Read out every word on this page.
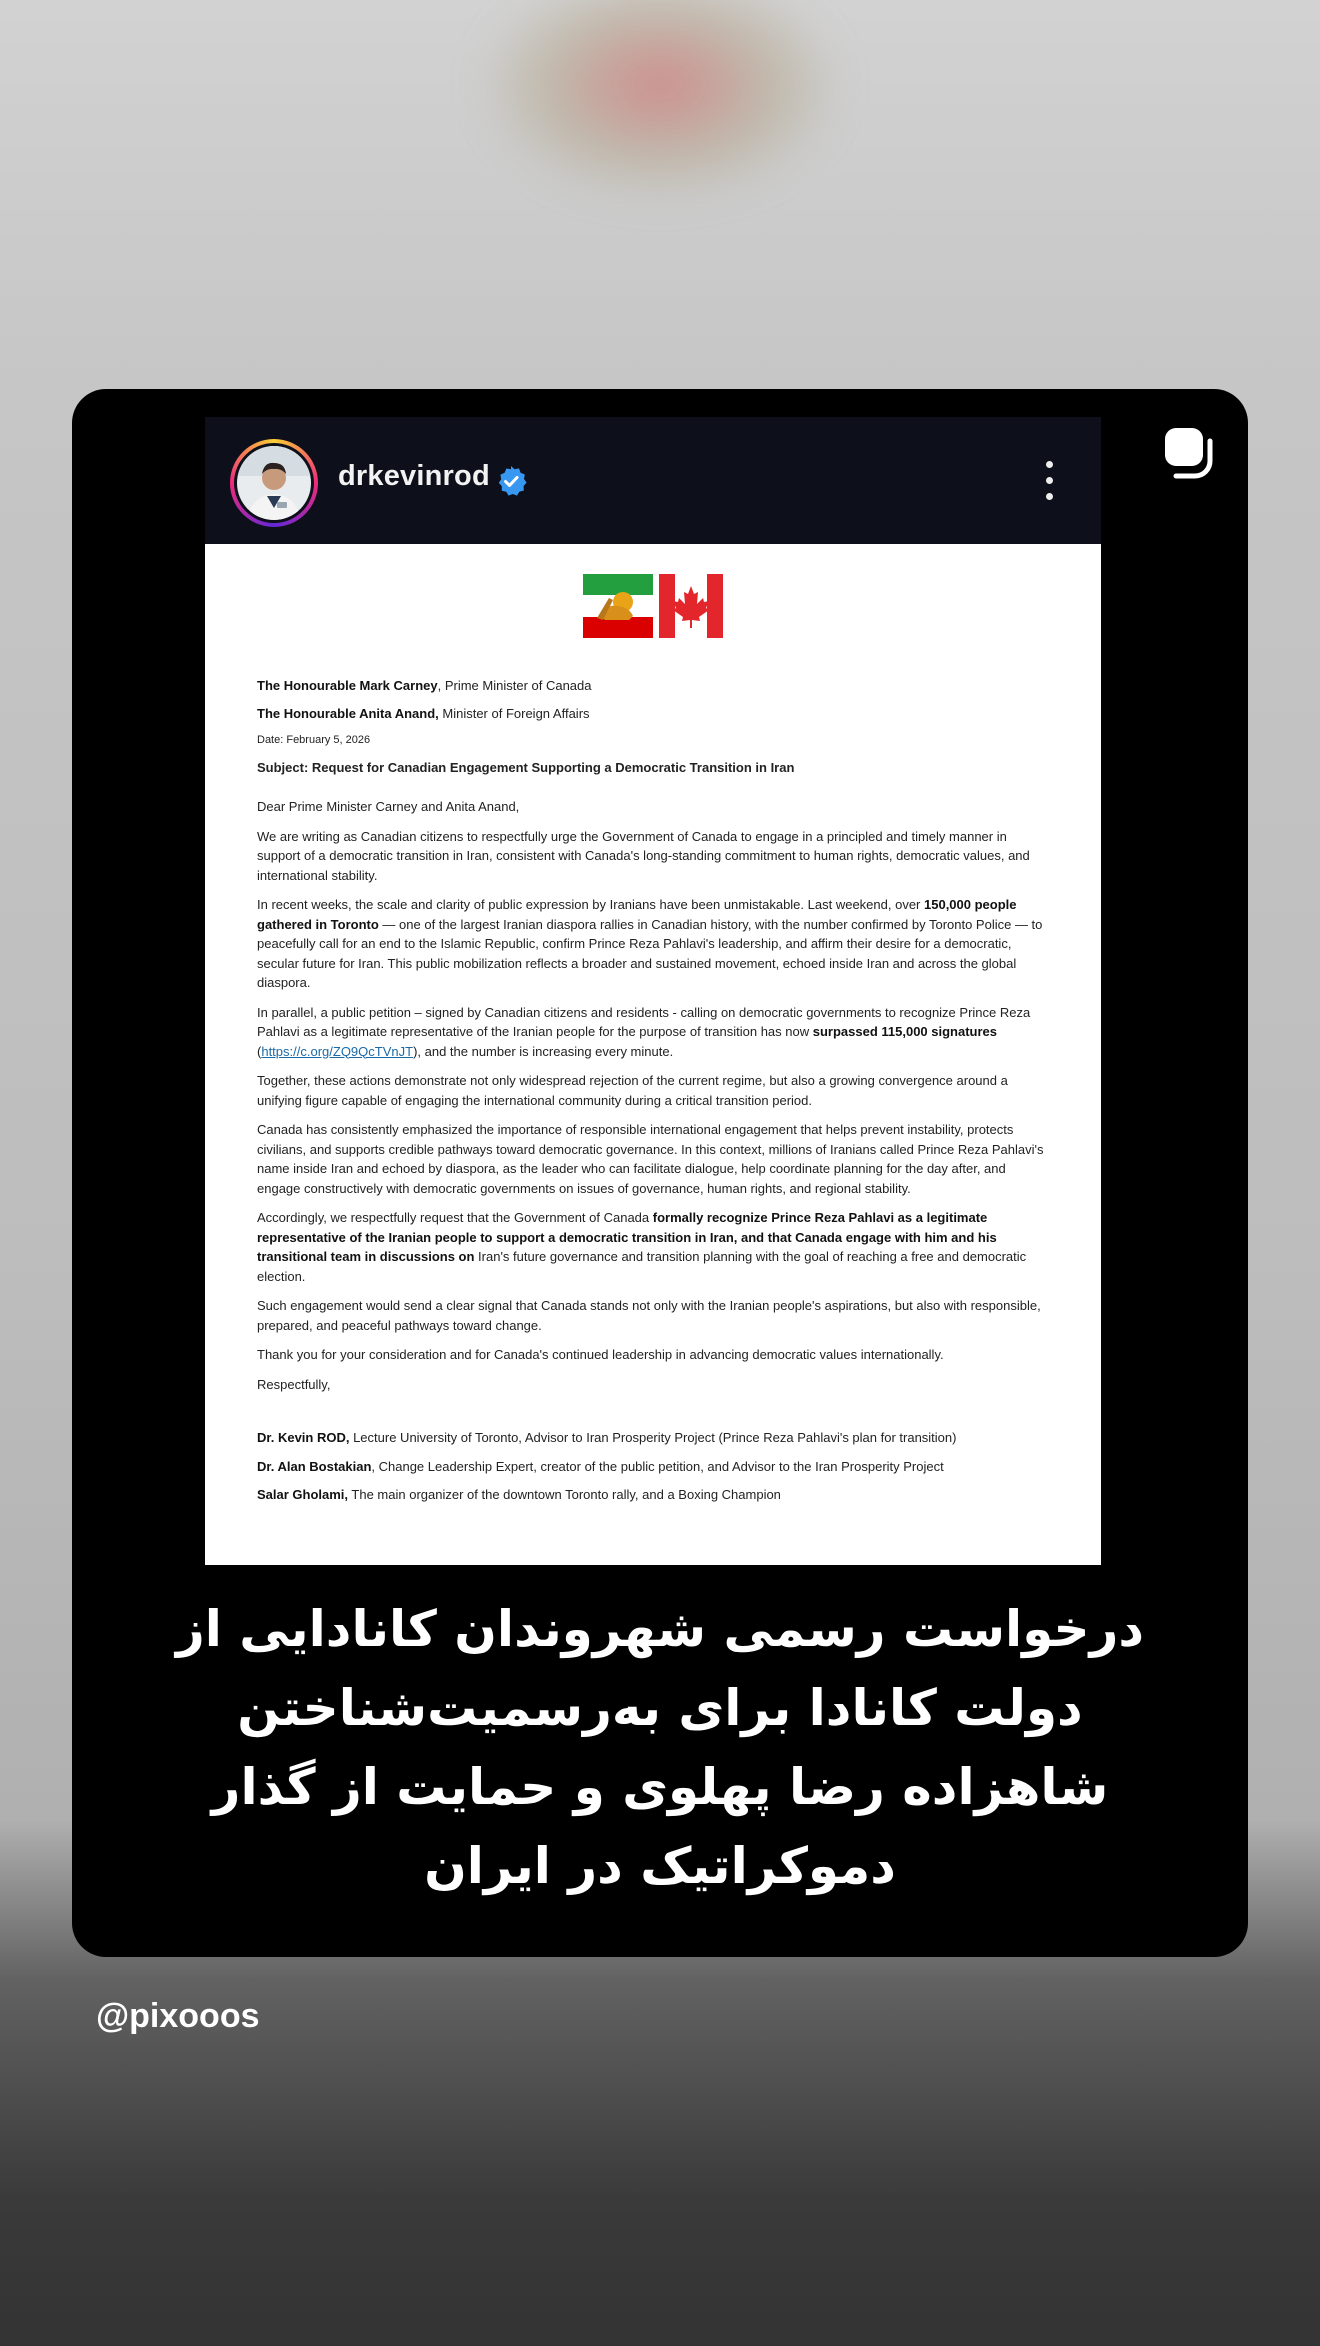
drkevinrod

The Honourable Mark Carney, Prime Minister of Canada

The Honourable Anita Anand, Minister of Foreign Affairs

Date: February 5, 2026

Subject: Request for Canadian Engagement Supporting a Democratic Transition in Iran

Dear Prime Minister Carney and Anita Anand,

We are writing as Canadian citizens to respectfully urge the Government of Canada to engage in a principled and timely manner in support of a democratic transition in Iran, consistent with Canada's long-standing commitment to human rights, democratic values, and international stability.

In recent weeks, the scale and clarity of public expression by Iranians have been unmistakable. Last weekend, over 150,000 people gathered in Toronto — one of the largest Iranian diaspora rallies in Canadian history, with the number confirmed by Toronto Police — to peacefully call for an end to the Islamic Republic, confirm Prince Reza Pahlavi's leadership, and affirm their desire for a democratic, secular future for Iran. This public mobilization reflects a broader and sustained movement, echoed inside Iran and across the global diaspora.

In parallel, a public petition – signed by Canadian citizens and residents - calling on democratic governments to recognize Prince Reza Pahlavi as a legitimate representative of the Iranian people for the purpose of transition has now surpassed 115,000 signatures (https://c.org/ZQ9QcTVnJT), and the number is increasing every minute.

Together, these actions demonstrate not only widespread rejection of the current regime, but also a growing convergence around a unifying figure capable of engaging the international community during a critical transition period.

Canada has consistently emphasized the importance of responsible international engagement that helps prevent instability, protects civilians, and supports credible pathways toward democratic governance. In this context, millions of Iranians called Prince Reza Pahlavi's name inside Iran and echoed by diaspora, as the leader who can facilitate dialogue, help coordinate planning for the day after, and engage constructively with democratic governments on issues of governance, human rights, and regional stability.

Accordingly, we respectfully request that the Government of Canada formally recognize Prince Reza Pahlavi as a legitimate representative of the Iranian people to support a democratic transition in Iran, and that Canada engage with him and his transitional team in discussions on Iran's future governance and transition planning with the goal of reaching a free and democratic election.

Such engagement would send a clear signal that Canada stands not only with the Iranian people's aspirations, but also with responsible, prepared, and peaceful pathways toward change.

Thank you for your consideration and for Canada's continued leadership in advancing democratic values internationally.

Respectfully,

Dr. Kevin ROD, Lecture University of Toronto, Advisor to Iran Prosperity Project (Prince Reza Pahlavi's plan for transition)

Dr. Alan Bostakian, Change Leadership Expert, creator of the public petition, and Advisor to the Iran Prosperity Project

Salar Gholami, The main organizer of the downtown Toronto rally, and a Boxing Champion

درخواست رسمی شهروندان کانادایی از
دولت کانادا برای به‌رسمیت‌شناختن
شاهزاده رضا پهلوی و حمایت از گذار
دموکراتیک در ایران
@pixooos
